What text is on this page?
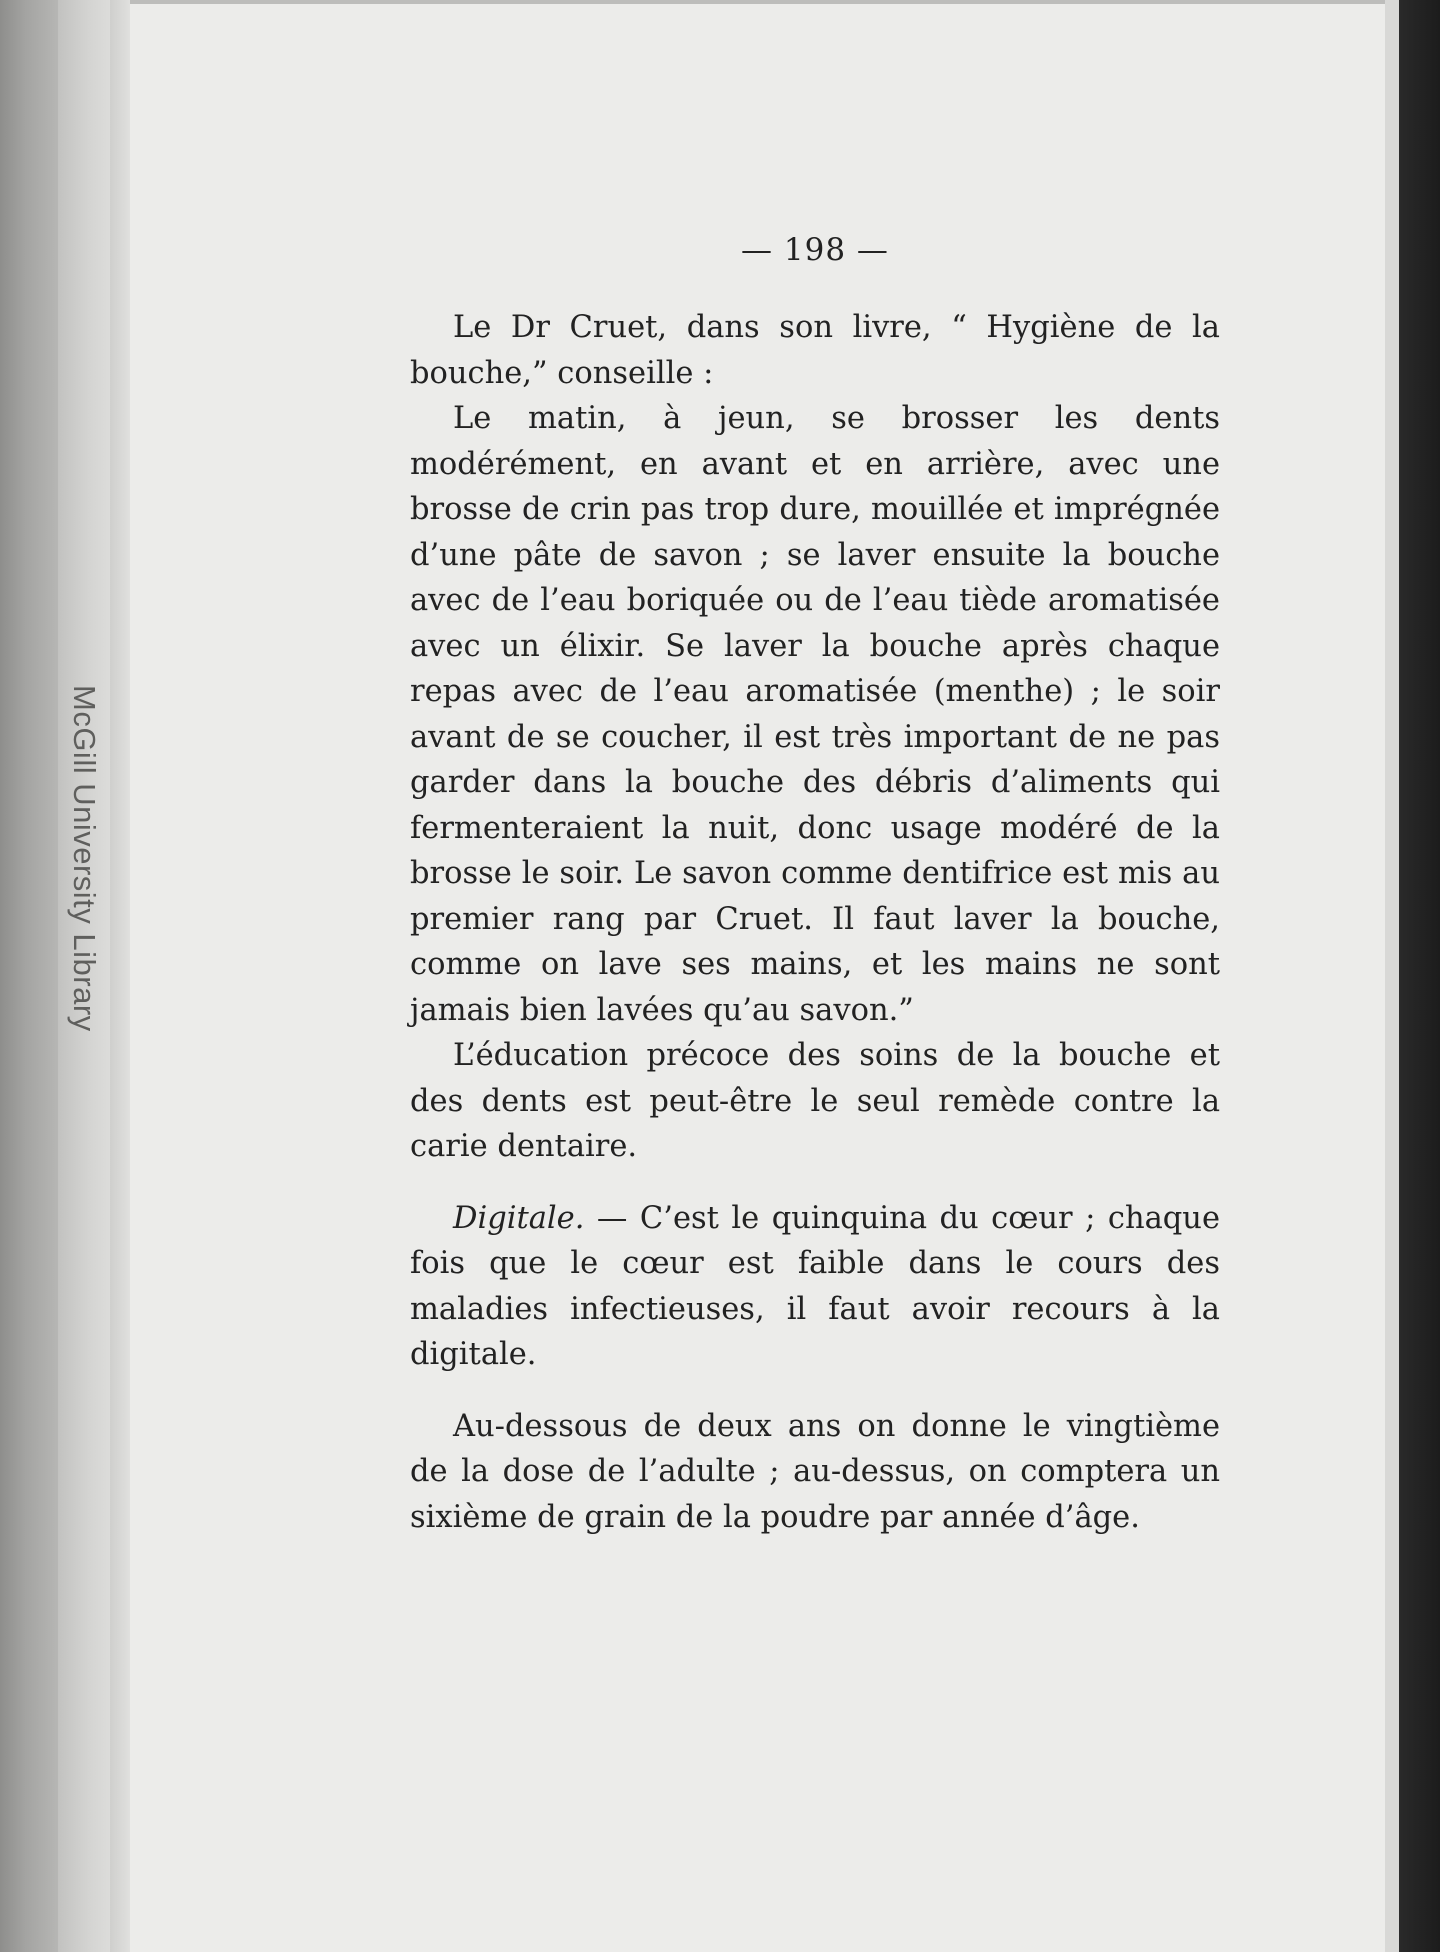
McGill University Library
— 198 —

Le Dr Cruet, dans son livre, “ Hygiène de la bouche,” conseille :

Le matin, à jeun, se brosser les dents modérément, en avant et en arrière, avec une brosse de crin pas trop dure, mouillée et imprégnée d’une pâte de savon ; se laver ensuite la bouche avec de l’eau boriquée ou de l’eau tiède aromatisée avec un élixir. Se laver la bouche après chaque repas avec de l’eau aromatisée (menthe) ; le soir avant de se coucher, il est très important de ne pas garder dans la bouche des débris d’aliments qui fermenteraient la nuit, donc usage modéré de la brosse le soir. Le savon comme dentifrice est mis au premier rang par Cruet. Il faut laver la bouche, comme on lave ses mains, et les mains ne sont jamais bien lavées qu’au savon.”

L’éducation précoce des soins de la bouche et des dents est peut-être le seul remède contre la carie dentaire.

Digitale. — C’est le quinquina du cœur ; chaque fois que le cœur est faible dans le cours des maladies infectieuses, il faut avoir recours à la digitale.

Au-dessous de deux ans on donne le vingtième de la dose de l’adulte ; au-dessus, on comptera un sixième de grain de la poudre par année d’âge.
